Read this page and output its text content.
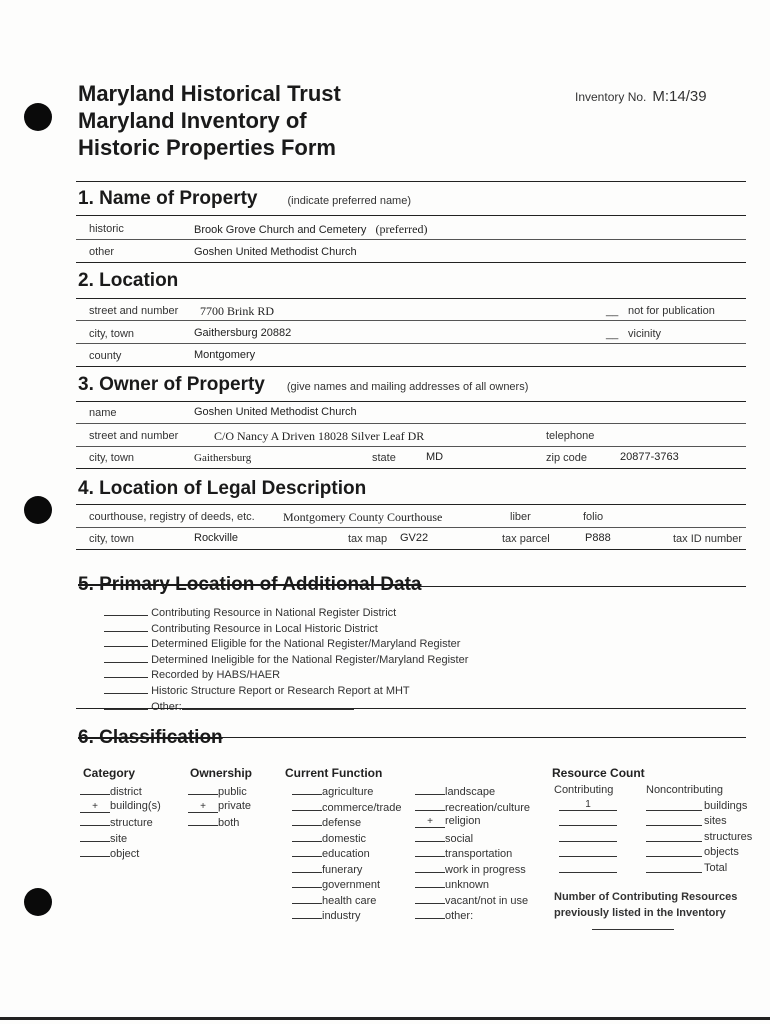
Maryland Historical Trust
Maryland Inventory of
Historic Properties Form
Inventory No. M:14/39
1. Name of Property	(indicate preferred name)
historic	Brook Grove Church and Cemetery (preferred)
other	Goshen United Methodist Church
2. Location
street and number 7700 Brink RD	__ not for publication
city, town	Gaithersburg 20882	__ vicinity
county	Montgomery
3. Owner of Property (give names and mailing addresses of all owners)
name	Goshen United Methodist Church
street and number	C/O Nancy A Driven 18028 Silver Leaf DR	telephone
city, town	Gaithersburg	state	MD	zip code	20877-3763
4. Location of Legal Description
courthouse, registry of deeds, etc. Montgomery County Courthouse	liber	folio
city, town	Rockville	tax map GV22	tax parcel	P888	tax ID number
5. Primary Location of Additional Data
Contributing Resource in National Register District
Contributing Resource in Local Historic District
Determined Eligible for the National Register/Maryland Register
Determined Ineligible for the National Register/Maryland Register
Recorded by HABS/HAER
Historic Structure Report or Research Report at MHT
Other:
6. Classification
Category
district
+ building(s)
structure
site
object
Ownership
public
+ private
both
Current Function
agriculture
commerce/trade
defense
domestic
education
funerary
government
health care
industry

landscape
recreation/culture
+ religion
social
transportation
work in progress
unknown
vacant/not in use
other:
Resource Count
Contributing	Noncontributing
1	buildings
sites
structures
objects
Total
Number of Contributing Resources
previously listed in the Inventory
